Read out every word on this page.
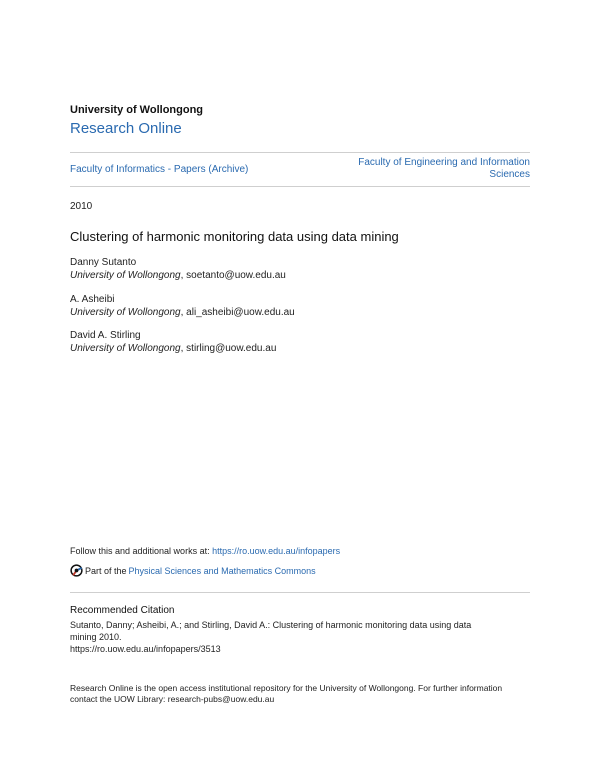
University of Wollongong
Research Online
Faculty of Informatics - Papers (Archive)
Faculty of Engineering and Information
Sciences
2010
Clustering of harmonic monitoring data using data mining
Danny Sutanto
University of Wollongong, soetanto@uow.edu.au
A. Asheibi
University of Wollongong, ali_asheibi@uow.edu.au
David A. Stirling
University of Wollongong, stirling@uow.edu.au
Follow this and additional works at: https://ro.uow.edu.au/infopapers
Part of the Physical Sciences and Mathematics Commons
Recommended Citation
Sutanto, Danny; Asheibi, A.; and Stirling, David A.: Clustering of harmonic monitoring data using data
mining 2010.
https://ro.uow.edu.au/infopapers/3513
Research Online is the open access institutional repository for the University of Wollongong. For further information
contact the UOW Library: research-pubs@uow.edu.au
